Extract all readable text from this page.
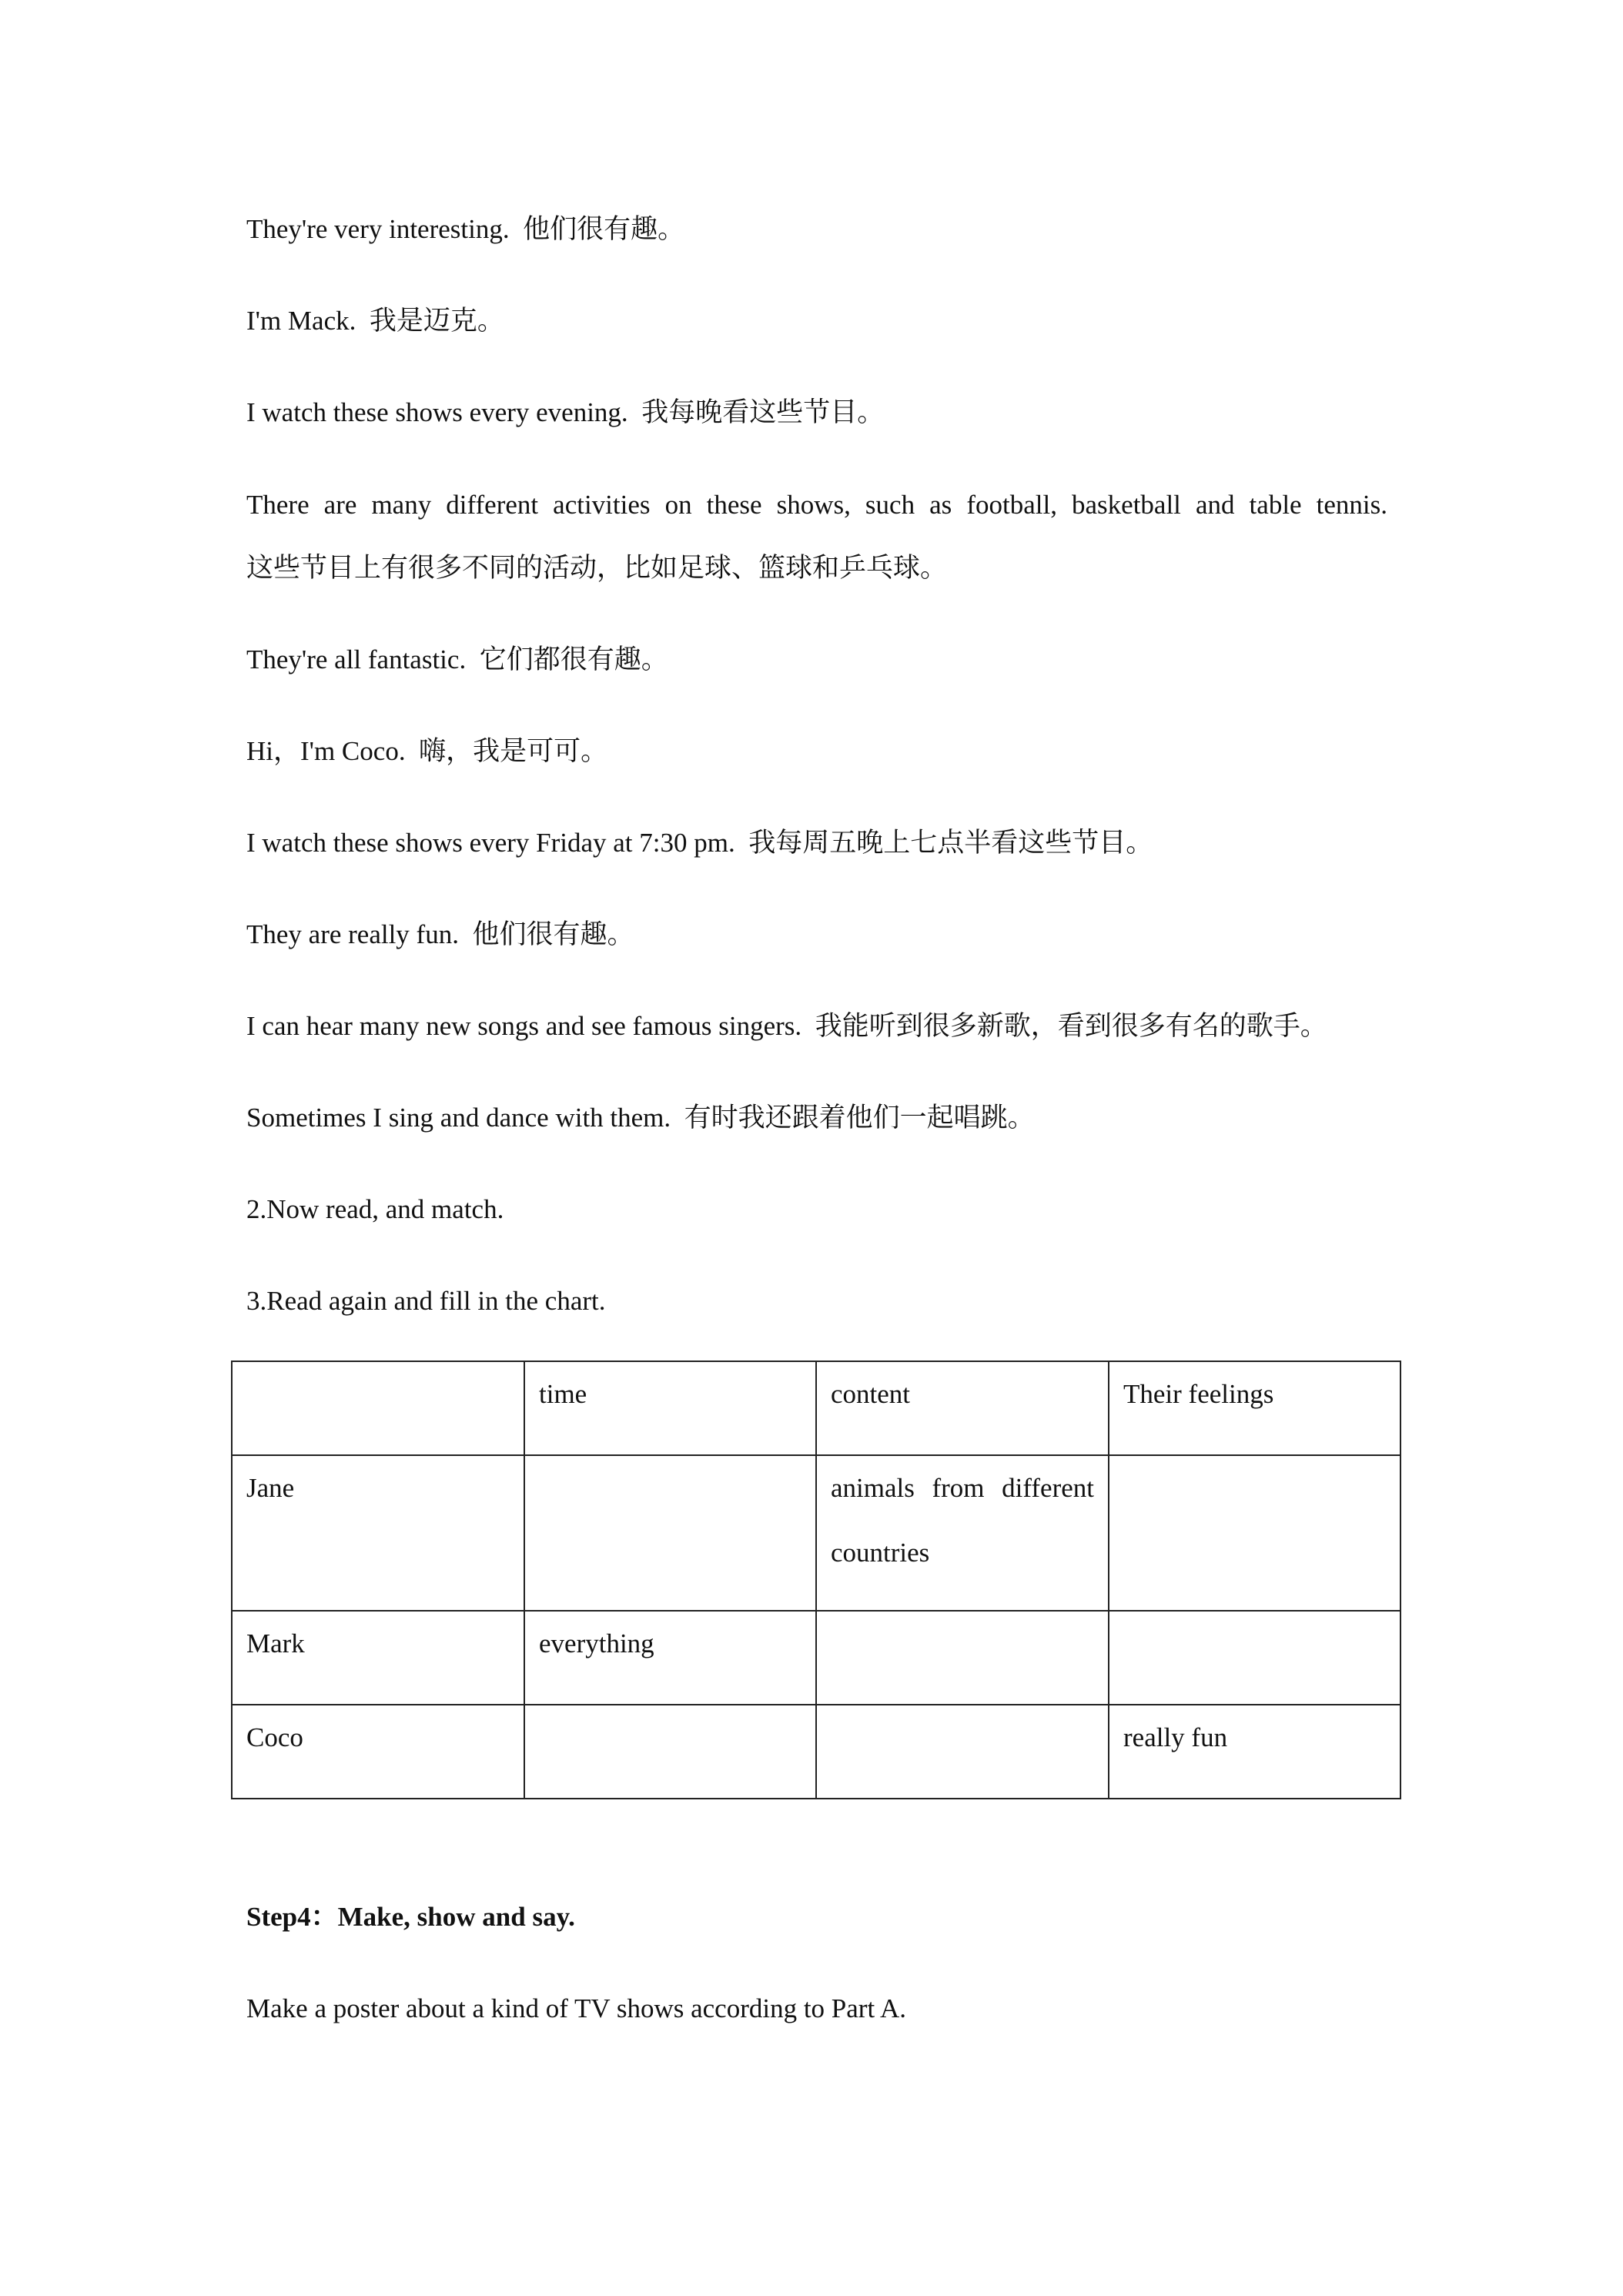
They're very interesting. 他们很有趣。
I'm Mack. 我是迈克。
I watch these shows every evening. 我每晚看这些节目。
There are many different activities on these shows, such as football, basketball and table tennis.
这些节目上有很多不同的活动，比如足球、篮球和乒乓球。
They're all fantastic. 它们都很有趣。
Hi，I'm Coco. 嗨，我是可可。
I watch these shows every Friday at 7:30 pm. 我每周五晚上七点半看这些节目。
They are really fun. 他们很有趣。
I can hear many new songs and see famous singers. 我能听到很多新歌，看到很多有名的歌手。
Sometimes I sing and dance with them. 有时我还跟着他们一起唱跳。
2.Now read, and match.
3.Read again and fill in the chart.

	time	content	Their feelings

Jane		animals from different countries	

Mark	everything		

Coco			really fun
Step4：Make, show and say.
Make a poster about a kind of TV shows according to Part A.
